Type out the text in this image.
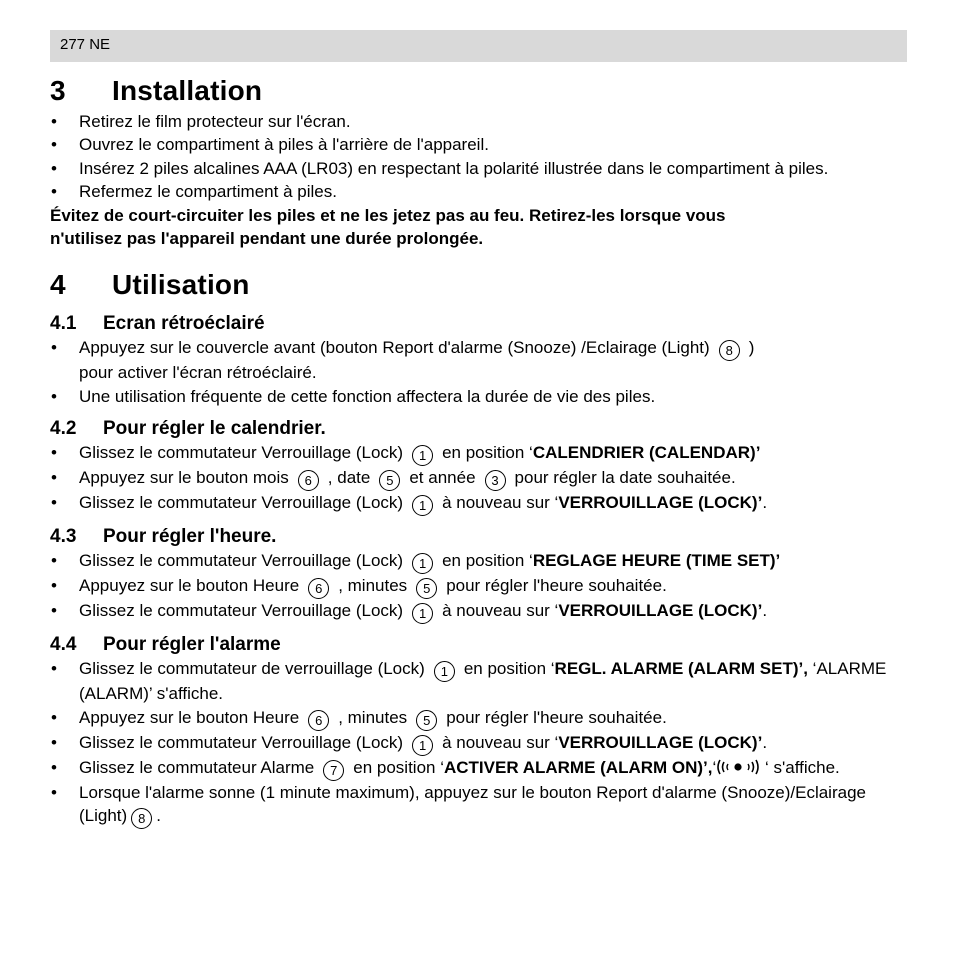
277 NE
3	Installation
• Retirez le film protecteur sur l'écran.
• Ouvrez le compartiment à piles à l'arrière de l'appareil.
• Insérez 2 piles alcalines AAA (LR03) en respectant la polarité illustrée dans le compartiment à piles.
• Refermez le compartiment à piles.

Évitez de court-circuiter les piles et ne les jetez pas au feu. Retirez-les lorsque vous
n'utilisez pas l'appareil pendant une durée prolongée.

4	Utilisation
4.1	Ecran rétroéclairé
• Appuyez sur le couvercle avant (bouton Report d'alarme (Snooze) /Eclairage (Light) 8 )
pour activer l'écran rétroéclairé.
• Une utilisation fréquente de cette fonction affectera la durée de vie des piles.
4.2	Pour régler le calendrier.
• Glissez le commutateur Verrouillage (Lock) 1 en position ‘CALENDRIER (CALENDAR)’
• Appuyez sur le bouton mois 6 , date 5 et année 3 pour régler la date souhaitée.
• Glissez le commutateur Verrouillage (Lock) 1 à nouveau sur ‘VERROUILLAGE (LOCK)’.
4.3	Pour régler l'heure.
• Glissez le commutateur Verrouillage (Lock) 1 en position ‘REGLAGE HEURE (TIME SET)’
• Appuyez sur le bouton Heure 6 , minutes 5 pour régler l'heure souhaitée.
• Glissez le commutateur Verrouillage (Lock) 1 à nouveau sur ‘VERROUILLAGE (LOCK)’.
4.4	Pour régler l'alarme
• Glissez le commutateur de verrouillage (Lock) 1 en position ‘REGL. ALARME (ALARM SET)’, ‘ALARME (ALARM)’ s'affiche.
• Appuyez sur le bouton Heure 6 , minutes 5 pour régler l'heure souhaitée.
• Glissez le commutateur Verrouillage (Lock) 1 à nouveau sur ‘VERROUILLAGE (LOCK)’.
• Glissez le commutateur Alarme 7 en position ‘ACTIVER ALARME (ALARM ON)’,‘	‘ s'affiche.
• Lorsque l'alarme sonne (1 minute maximum), appuyez sur le bouton Report d'alarme (Snooze)/Eclairage (Light) 8 .
